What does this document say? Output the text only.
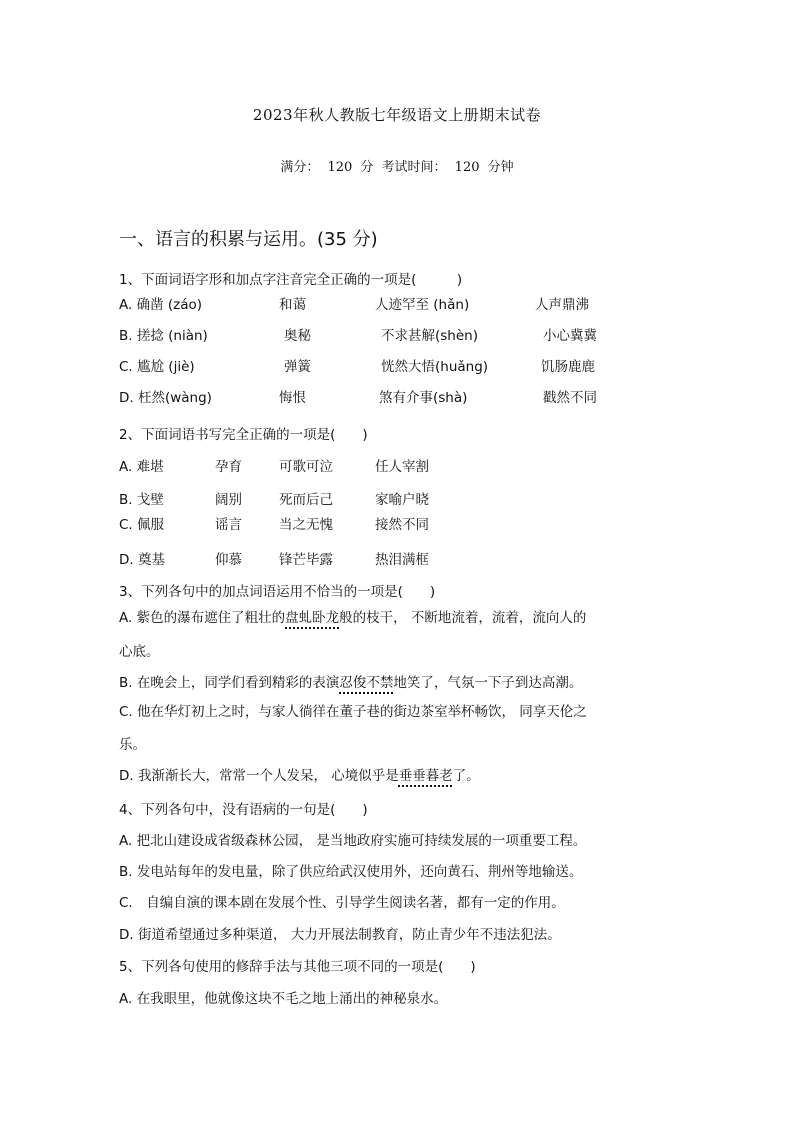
2023年秋人教版七年级语文上册期末试卷
满分： 120 分 考试时间： 120 分钟
一、语言的积累与运用。(35 分)
1、下面词语字形和加点字注音完全正确的一项是(　　　)
A. 确凿 (záo)	和蔼	人迹罕至 (hǎn)	人声鼎沸
B. 搓捻 (niàn)	奥秘	不求甚解(shèn)	小心冀冀
C. 尴尬 (jiè)	弹簧	恍然大悟(huǎng)	饥肠鹿鹿
D. 枉然(wàng)	悔恨	煞有介事(shà)	戳然不同
2、下面词语书写完全正确的一项是(　　)
A. 难堪	孕育	可歌可泣	任人宰割
B. 戈壁	阔别	死而后己	家喻户晓
C. 佩服	谣言	当之无愧	接然不同
D. 奠基	仰慕	锋芒毕露	热泪满框
3、下列各句中的加点词语运用不恰当的一项是(　　)
A. 紫色的瀑布遮住了粗壮的盘虬卧龙般的枝干， 不断地流着，流着，流向人的
心底。
B. 在晚会上，同学们看到精彩的表演忍俊不禁地笑了，气氛一下子到达高潮。
C. 他在华灯初上之时，与家人徜徉在董子巷的街边茶室举杯畅饮， 同享天伦之
乐。
D. 我渐渐长大，常常一个人发呆， 心境似乎是垂垂暮老了。
4、下列各句中，没有语病的一句是(　　)
A. 把北山建设成省级森林公园， 是当地政府实施可持续发展的一项重要工程。
B. 发电站每年的发电量，除了供应给武汉使用外，还向黄石、荆州等地输送。
C.　自编自演的课本剧在发展个性、引导学生阅读名著，都有一定的作用。
D. 街道希望通过多种渠道， 大力开展法制教育，防止青少年不违法犯法。
5、下列各句使用的修辞手法与其他三项不同的一项是(　　)
A. 在我眼里，他就像这块不毛之地上涌出的神秘泉水。
